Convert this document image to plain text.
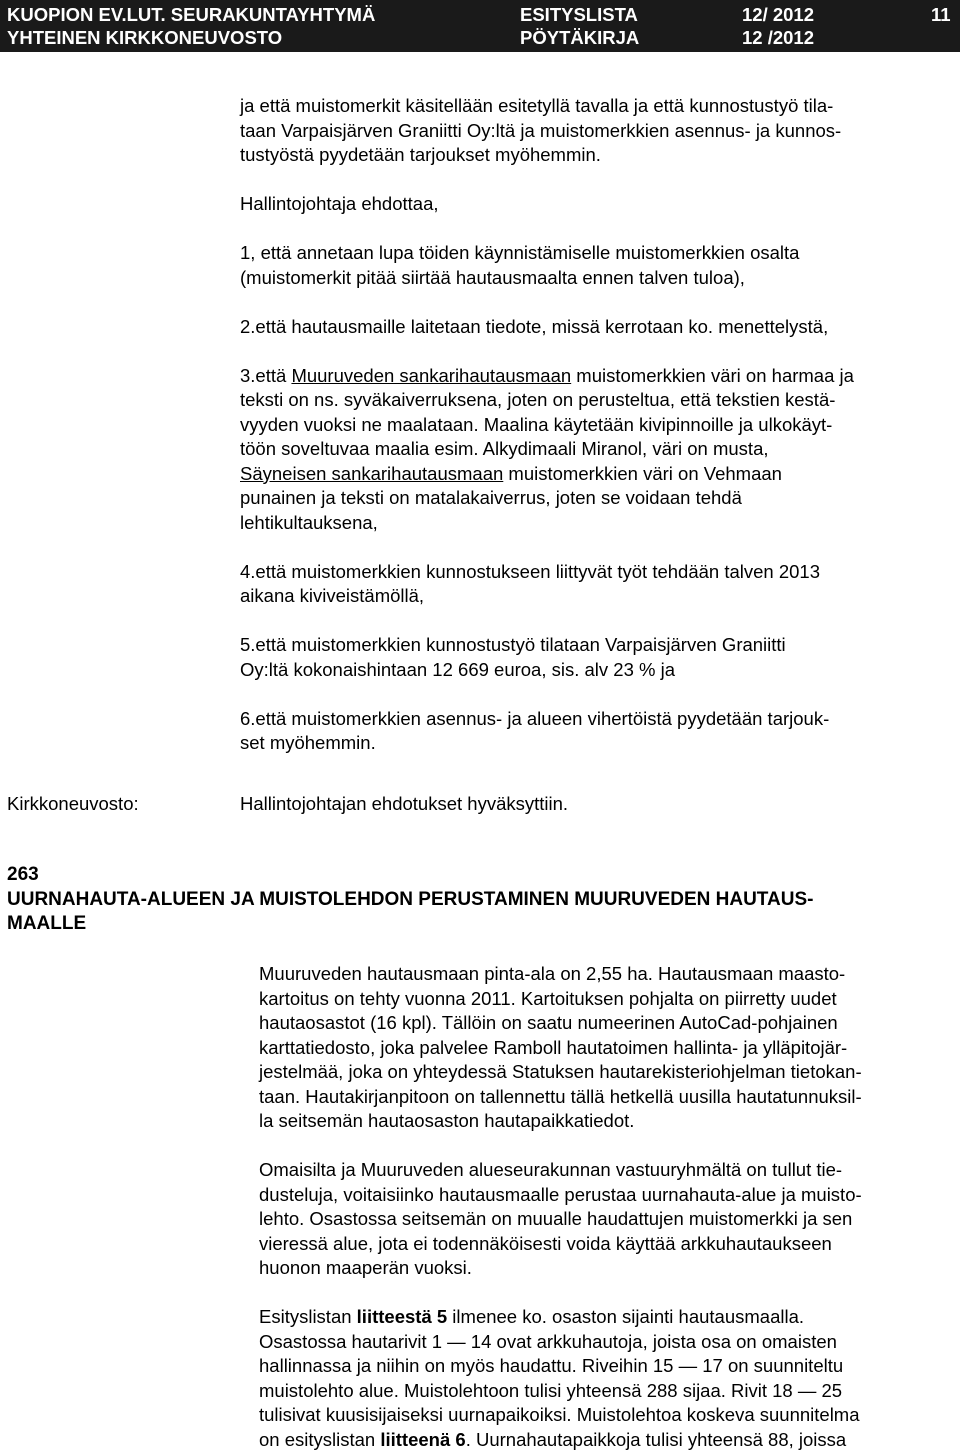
KUOPION EV.LUT. SEURAKUNTAYHTYMÄ
YHTEINEN KIRKKONEUVOSTO
ESITYSLISTA
PÖYTÄKIRJA
12/ 2012
12 /2012
11

ja että muistomerkit käsitellään esitetyllä tavalla ja että kunnostustyö tila-

taan Varpaisjärven Graniitti Oy:ltä ja muistomerkkien asennus- ja kunnos-

tustyöstä pyydetään tarjoukset myöhemmin.

Hallintojohtaja ehdottaa,

1, että annetaan lupa töiden käynnistämiselle muistomerkkien osalta

(muistomerkit pitää siirtää hautausmaalta ennen talven tuloa),

2.että hautausmaille laitetaan tiedote, missä kerrotaan ko. menettelystä,

3.että Muuruveden sankarihautausmaan muistomerkkien väri on harmaa ja

teksti on ns. syväkaiverruksena, joten on perusteltua, että tekstien kestä-

vyyden vuoksi ne maalataan. Maalina käytetään kivipinnoille ja ulkokäyt-

töön soveltuvaa maalia esim. Alkydimaali Miranol, väri on musta,

Säyneisen sankarihautausmaan muistomerkkien väri on Vehmaan

punainen ja teksti on matalakaiverrus, joten se voidaan tehdä

lehtikultauksena,

4.että muistomerkkien kunnostukseen liittyvät työt tehdään talven 2013

aikana kiviveistämöllä,

5.että muistomerkkien kunnostustyö tilataan Varpaisjärven Graniitti

Oy:ltä kokonaishintaan 12 669 euroa, sis. alv 23 % ja

6.että muistomerkkien asennus- ja alueen vihertöistä pyydetään tarjouk-

set myöhemmin.

Kirkkoneuvosto:	Hallintojohtajan ehdotukset hyväksyttiin.

263
UURNAHAUTA-ALUEEN JA MUISTOLEHDON PERUSTAMINEN MUURUVEDEN HAUTAUS-
MAALLE

Muuruveden hautausmaan pinta-ala on 2,55 ha. Hautausmaan maasto-

kartoitus on tehty vuonna 2011. Kartoituksen pohjalta on piirretty uudet

hautaosastot (16 kpl). Tällöin on saatu numeerinen AutoCad-pohjainen

karttatiedosto, joka palvelee Ramboll hautatoimen hallinta- ja ylläpitojär-

jestelmää, joka on yhteydessä Statuksen hautarekisteriohjelman tietokan-

taan. Hautakirjanpitoon on tallennettu tällä hetkellä uusilla hautatunnuksil-

la seitsemän hautaosaston hautapaikkatiedot.

Omaisilta ja Muuruveden alueseurakunnan vastuuryhmältä on tullut tie-

dusteluja, voitaisiinko hautausmaalle perustaa uurnahauta-alue ja muisto-

lehto. Osastossa seitsemän on muualle haudattujen muistomerkki ja sen

vieressä alue, jota ei todennäköisesti voida käyttää arkkuhautaukseen

huonon maaperän vuoksi.

Esityslistan liitteestä 5 ilmenee ko. osaston sijainti hautausmaalla.

Osastossa hautarivit 1 — 14 ovat arkkuhautoja, joista osa on omaisten

hallinnassa ja niihin on myös haudattu. Riveihin 15 — 17 on suunniteltu

muistolehto alue. Muistolehtoon tulisi yhteensä 288 sijaa. Rivit 18 — 25

tulisivat kuusisijaiseksi uurnapaikoiksi. Muistolehtoa koskeva suunnitelma

on esityslistan liitteenä 6. Uurnahautapaikkoja tulisi yhteensä 88, joissa
